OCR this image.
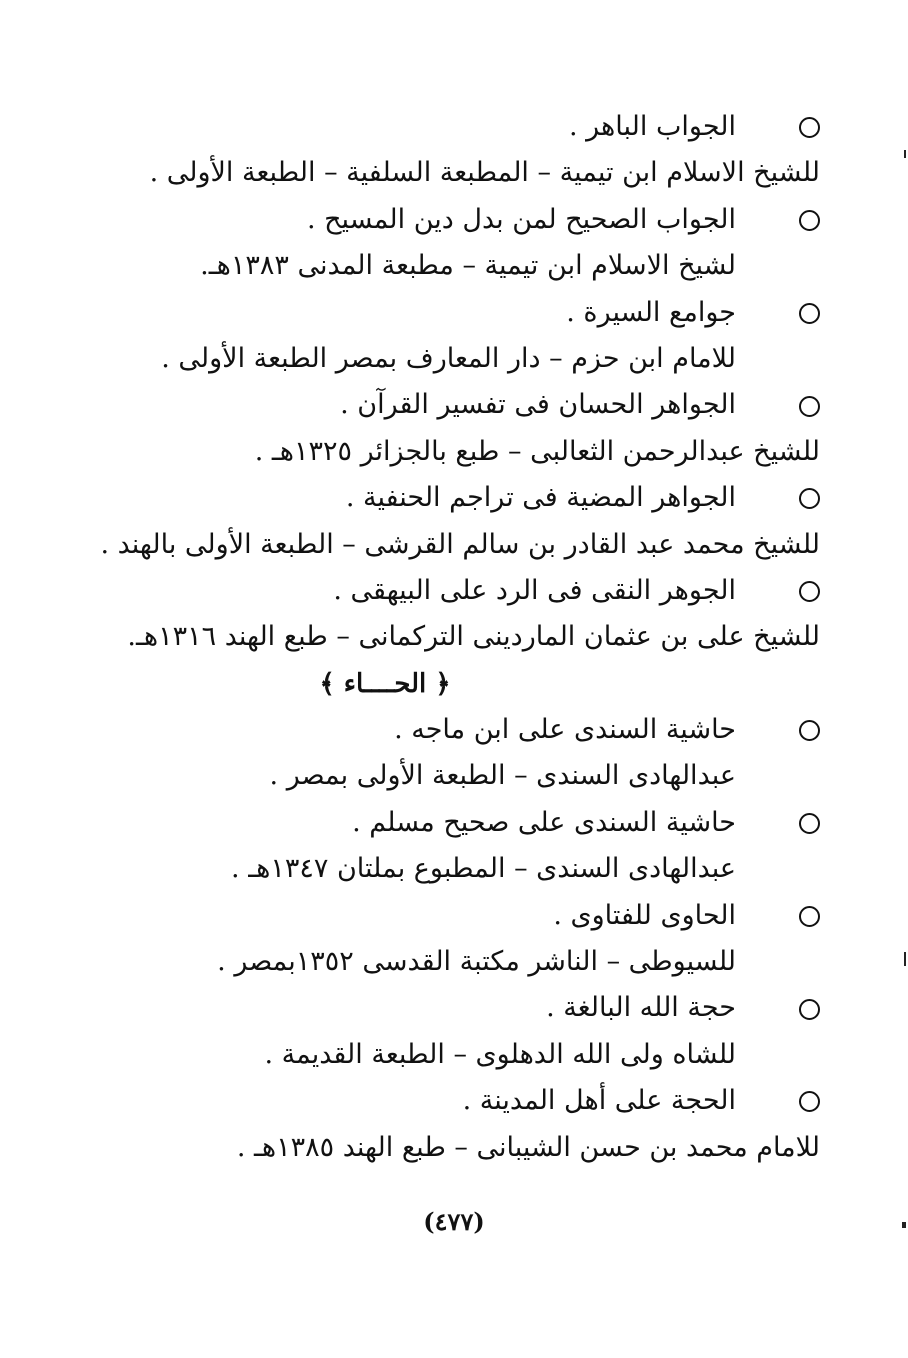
الجواب الباهر .
للشيخ الاسلام ابن تيمية – المطبعة السلفية – الطبعة الأولى .
الجواب الصحيح لمن بدل دين المسيح .
لشيخ الاسلام ابن تيمية – مطبعة المدنى ١٣٨٣هـ.
جوامع السيرة .
للامام ابن حزم – دار المعارف بمصر الطبعة الأولى .
الجواهر الحسان فى تفسير القرآن .
للشيخ عبدالرحمن الثعالبى – طبع بالجزائر ١٣٢٥هـ .
الجواهر المضية فى تراجم الحنفية .
للشيخ محمد عبد القادر بن سالم القرشى – الطبعة الأولى بالهند .
الجوهر النقى فى الرد على البيهقى .
للشيخ على بن عثمان الماردينى التركمانى – طبع الهند ١٣١٦هـ.
﴿ الحــــاء ﴾
حاشية السندى على ابن ماجه .
عبدالهادى السندى – الطبعة الأولى بمصر .
حاشية السندى على صحيح مسلم .
عبدالهادى السندى – المطبوع بملتان ١٣٤٧هـ .
الحاوى للفتاوى .
للسيوطى – الناشر مكتبة القدسى ١٣٥٢بمصر .
حجة الله البالغة .
للشاه ولى الله الدهلوى – الطبعة القديمة .
الحجة على أهل المدينة .
للامام محمد بن حسن الشيبانى – طبع الهند ١٣٨٥هـ .
(٤٧٧)
